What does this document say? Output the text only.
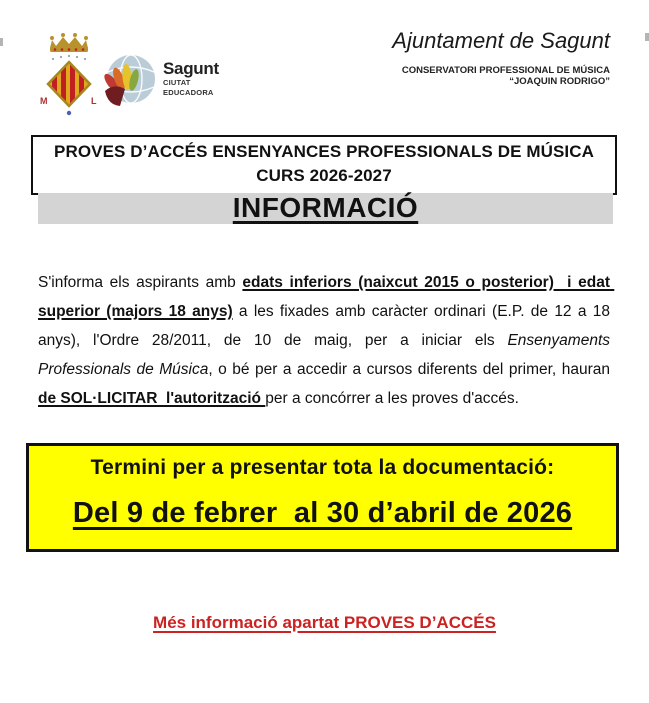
M	L
Sagunt
CIUTAT
EDUCADORA
Ajuntament de Sagunt
CONSERVATORI PROFESSIONAL DE MÚSICA
“JOAQUIN RODRIGO”
PROVES D’ACCÉS ENSENYANCES PROFESSIONALS DE MÚSICA
CURS 2026-2027
INFORMACIÓ

S'informa els aspirants amb edats inferiors (naixcut 2015 o posterior)  i edat superior (majors 18 anys) a les fixades amb caràcter ordinari (E.P. de 12 a 18 anys), l'Ordre 28/2011, de 10 de maig, per a iniciar els Ensenyaments Professionals de Música, o bé per a accedir a cursos diferents del primer, hauran de SOL·LICITAR  l'autorització per a concórrer a les proves d'accés.

Termini per a presentar tota la documentació:
Del 9 de febrer  al 30 d’abril de 2026
Més informació apartat PROVES D’ACCÉS
